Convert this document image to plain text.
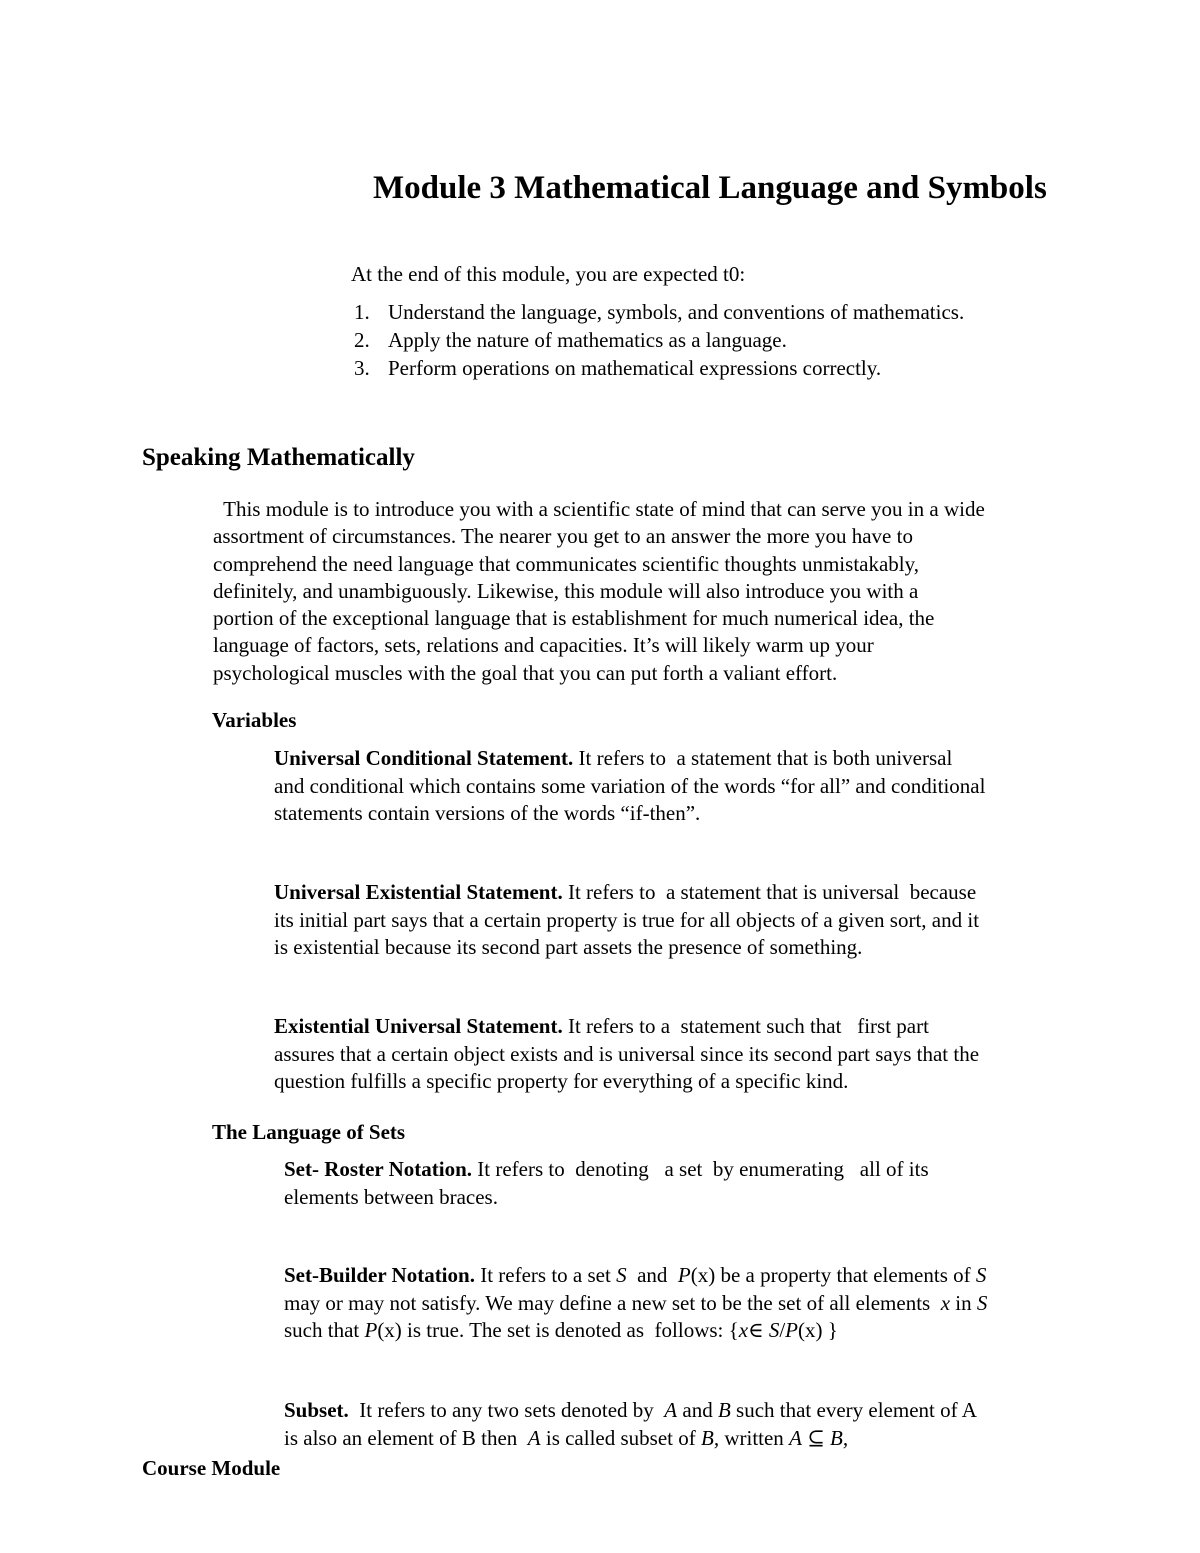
Module 3 Mathematical Language and Symbols
At the end of this module, you are expected t0:
1. Understand the language, symbols, and conventions of mathematics.
2. Apply the nature of mathematics as a language.
3. Perform operations on mathematical expressions correctly.
Speaking Mathematically

This module is to introduce you with a scientific state of mind that can serve you in a wide
assortment of circumstances. The nearer you get to an answer the more you have to
comprehend the need language that communicates scientific thoughts unmistakably,
definitely, and unambiguously. Likewise, this module will also introduce you with a
portion of the exceptional language that is establishment for much numerical idea, the
language of factors, sets, relations and capacities. It’s will likely warm up your
psychological muscles with the goal that you can put forth a valiant effort.

Variables

Universal Conditional Statement. It refers to  a statement that is both universal
and conditional which contains some variation of the words “for all” and conditional
statements contain versions of the words “if-then”.

Universal Existential Statement. It refers to  a statement that is universal  because
its initial part says that a certain property is true for all objects of a given sort, and it
is existential because its second part assets the presence of something.

Existential Universal Statement. It refers to a  statement such that   first part
assures that a certain object exists and is universal since its second part says that the
question fulfills a specific property for everything of a specific kind.

The Language of Sets

Set- Roster Notation. It refers to  denoting   a set  by enumerating   all of its
elements between braces.

Set-Builder Notation. It refers to a set S  and  P(x) be a property that elements of S
may or may not satisfy. We may define a new set to be the set of all elements  x in S
such that P(x) is true. The set is denoted as  follows: {x∈ S/P(x) }

Subset.  It refers to any two sets denoted by  A and B such that every element of A
is also an element of B then  A is called subset of B, written A ⊆ B,

Course Module
